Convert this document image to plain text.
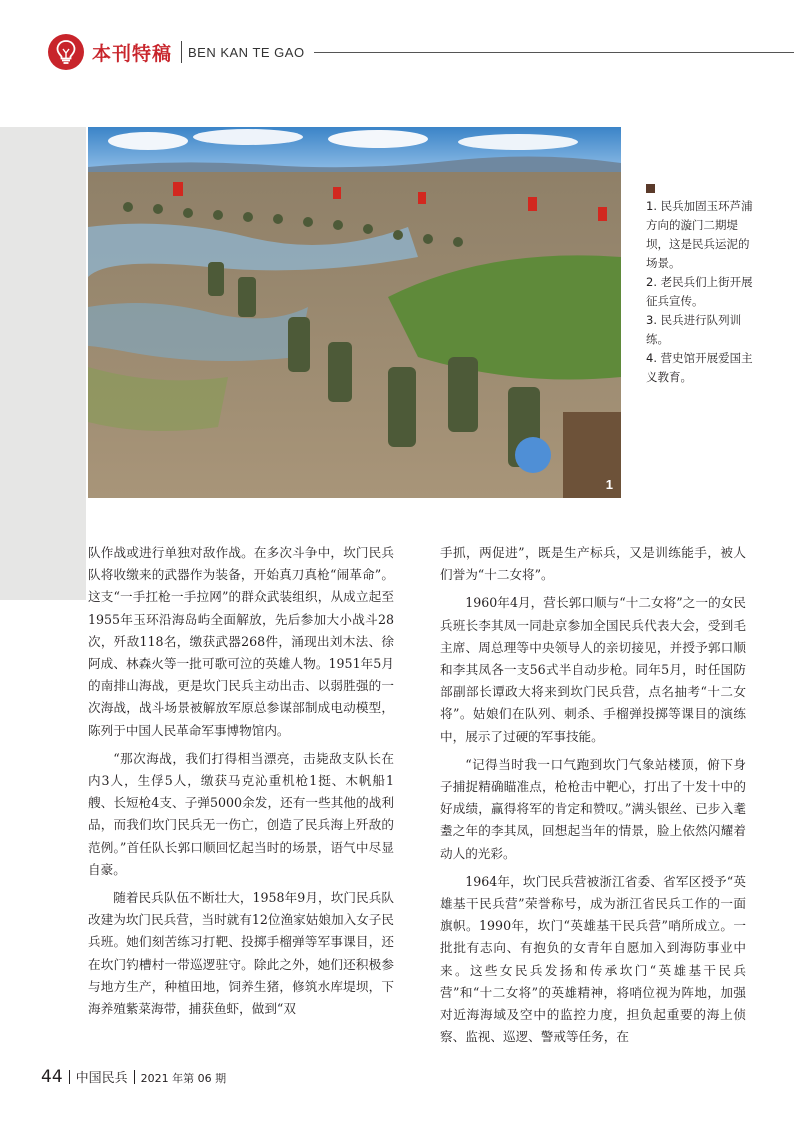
本刊特稿 BEN KAN TE GAO
1
1. 民兵加固玉环芦浦方向的漩门二期堤坝，这是民兵运泥的场景。
2. 老民兵们上街开展征兵宣传。
3. 民兵进行队列训练。
4. 营史馆开展爱国主义教育。

队作战或进行单独对敌作战。在多次斗争中，坎门民兵队将收缴来的武器作为装备，开始真刀真枪“闹革命”。这支“一手扛枪一手拉网”的群众武装组织，从成立起至1955年玉环沿海岛屿全面解放，先后参加大小战斗28次，歼敌118名，缴获武器268件，涌现出刘木法、徐阿成、林森火等一批可歌可泣的英雄人物。1951年5月的南排山海战，更是坎门民兵主动出击、以弱胜强的一次海战，战斗场景被解放军原总参谋部制成电动模型，陈列于中国人民革命军事博物馆内。

“那次海战，我们打得相当漂亮，击毙敌支队长在内3人，生俘5人，缴获马克沁重机枪1挺、木帆船1艘、长短枪4支、子弹5000余发，还有一些其他的战利品，而我们坎门民兵无一伤亡，创造了民兵海上歼敌的范例。”首任队长郭口顺回忆起当时的场景，语气中尽显自豪。

随着民兵队伍不断壮大，1958年9月，坎门民兵队改建为坎门民兵营，当时就有12位渔家姑娘加入女子民兵班。她们刻苦练习打靶、投掷手榴弹等军事课目，还在坎门钓槽村一带巡逻驻守。除此之外，她们还积极参与地方生产，种植田地，饲养生猪，修筑水库堤坝，下海养殖紫菜海带，捕获鱼虾，做到“双

手抓，两促进”，既是生产标兵，又是训练能手，被人们誉为“十二女将”。

1960年4月，营长郭口顺与“十二女将”之一的女民兵班长李其凤一同赴京参加全国民兵代表大会，受到毛主席、周总理等中央领导人的亲切接见，并授予郭口顺和李其凤各一支56式半自动步枪。同年5月，时任国防部副部长谭政大将来到坎门民兵营，点名抽考“十二女将”。姑娘们在队列、刺杀、手榴弹投掷等课目的演练中，展示了过硬的军事技能。

“记得当时我一口气跑到坎门气象站楼顶，俯下身子捕捉精确瞄准点，枪枪击中靶心，打出了十发十中的好成绩，赢得将军的肯定和赞叹。”满头银丝、已步入耄耋之年的李其凤，回想起当年的情景，脸上依然闪耀着动人的光彩。

1964年，坎门民兵营被浙江省委、省军区授予“英雄基干民兵营”荣誉称号，成为浙江省民兵工作的一面旗帜。1990年，坎门“英雄基干民兵营”哨所成立。一批批有志向、有抱负的女青年自愿加入到海防事业中来。这些女民兵发扬和传承坎门“英雄基干民兵营”和“十二女将”的英雄精神，将哨位视为阵地，加强对近海海域及空中的监控力度，担负起重要的海上侦察、监视、巡逻、警戒等任务，在

44 中国民兵 2021 年第 06 期
